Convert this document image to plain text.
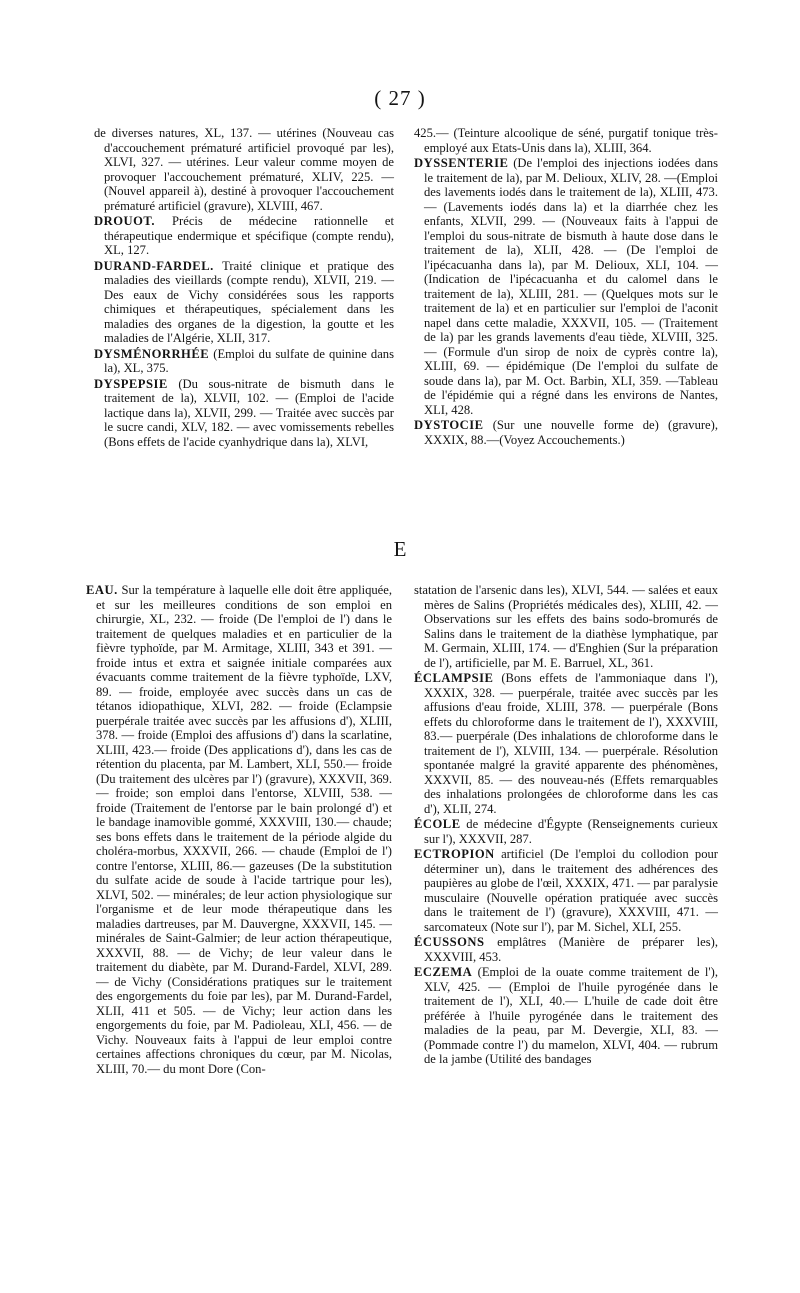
( 27 )

de diverses natures, XL, 137. — utérines (Nouveau cas d'accouchement prématuré artificiel provoqué par les), XLVI, 327. — utérines. Leur valeur comme moyen de provoquer l'accouchement prématuré, XLIV, 225. — (Nouvel appareil à), destiné à provoquer l'accouchement prématuré artificiel (gravure), XLVIII, 467.

DROUOT. Précis de médecine rationnelle et thérapeutique endermique et spécifique (compte rendu), XL, 127.

DURAND-FARDEL. Traité clinique et pratique des maladies des vieillards (compte rendu), XLVII, 219. — Des eaux de Vichy considérées sous les rapports chimiques et thérapeutiques, spécialement dans les maladies des organes de la digestion, la goutte et les maladies de l'Algérie, XLII, 317.

DYSMÉNORRHÉE (Emploi du sulfate de quinine dans la), XL, 375.

DYSPEPSIE (Du sous-nitrate de bismuth dans le traitement de la), XLVII, 102. — (Emploi de l'acide lactique dans la), XLVII, 299. — Traitée avec succès par le sucre candi, XLV, 182. — avec vomissements rebelles (Bons effets de l'acide cyanhydrique dans la), XLVI,

425.— (Teinture alcoolique de séné, purgatif tonique très-employé aux Etats-Unis dans la), XLIII, 364.

DYSSENTERIE (De l'emploi des injections iodées dans le traitement de la), par M. Delioux, XLIV, 28. —(Emploi des lavements iodés dans le traitement de la), XLIII, 473. — (Lavements iodés dans la) et la diarrhée chez les enfants, XLVII, 299. — (Nouveaux faits à l'appui de l'emploi du sous-nitrate de bismuth à haute dose dans le traitement de la), XLII, 428. — (De l'emploi de l'ipécacuanha dans la), par M. Delioux, XLI, 104. — (Indication de l'ipécacuanha et du calomel dans le traitement de la), XLIII, 281. — (Quelques mots sur le traitement de la) et en particulier sur l'emploi de l'aconit napel dans cette maladie, XXXVII, 105. — (Traitement de la) par les grands lavements d'eau tiède, XLVIII, 325. — (Formule d'un sirop de noix de cyprès contre la), XLIII, 69. — épidémique (De l'emploi du sulfate de soude dans la), par M. Oct. Barbin, XLI, 359. —Tableau de l'épidémie qui a régné dans les environs de Nantes, XLI, 428.

DYSTOCIE (Sur une nouvelle forme de) (gravure), XXXIX, 88.—(Voyez Accouchements.)

E

EAU. Sur la température à laquelle elle doit être appliquée, et sur les meilleures conditions de son emploi en chirurgie, XL, 232. — froide (De l'emploi de l') dans le traitement de quelques maladies et en particulier de la fièvre typhoïde, par M. Armitage, XLIII, 343 et 391. — froide intus et extra et saignée initiale comparées aux évacuants comme traitement de la fièvre typhoïde, LXV, 89. — froide, employée avec succès dans un cas de tétanos idiopathique, XLVI, 282. — froide (Eclampsie puerpérale traitée avec succès par les affusions d'), XLIII, 378. — froide (Emploi des affusions d') dans la scarlatine, XLIII, 423.— froide (Des applications d'), dans les cas de rétention du placenta, par M. Lambert, XLI, 550.— froide (Du traitement des ulcères par l') (gravure), XXXVII, 369.— froide; son emploi dans l'entorse, XLVIII, 538. — froide (Traitement de l'entorse par le bain prolongé d') et le bandage inamovible gommé, XXXVIII, 130.— chaude; ses bons effets dans le traitement de la période algide du choléra-morbus, XXXVII, 266. — chaude (Emploi de l') contre l'entorse, XLIII, 86.— gazeuses (De la substitution du sulfate acide de soude à l'acide tartrique pour les), XLVI, 502. — minérales; de leur action physiologique sur l'organisme et de leur mode thérapeutique dans les maladies dartreuses, par M. Dauvergne, XXXVII, 145. — minérales de Saint-Galmier; de leur action thérapeutique, XXXVII, 88. — de Vichy; de leur valeur dans le traitement du diabète, par M. Durand-Fardel, XLVI, 289. — de Vichy (Considérations pratiques sur le traitement des engorgements du foie par les), par M. Durand-Fardel, XLII, 411 et 505. — de Vichy; leur action dans les engorgements du foie, par M. Padioleau, XLI, 456. — de Vichy. Nouveaux faits à l'appui de leur emploi contre certaines affections chroniques du cœur, par M. Nicolas, XLIII, 70.— du mont Dore (Con-

statation de l'arsenic dans les), XLVI, 544. — salées et eaux mères de Salins (Propriétés médicales des), XLIII, 42. — Observations sur les effets des bains sodo-bromurés de Salins dans le traitement de la diathèse lymphatique, par M. Germain, XLIII, 174. — d'Enghien (Sur la préparation de l'), artificielle, par M. E. Barruel, XL, 361.

ÉCLAMPSIE (Bons effets de l'ammoniaque dans l'), XXXIX, 328. — puerpérale, traitée avec succès par les affusions d'eau froide, XLIII, 378. — puerpérale (Bons effets du chloroforme dans le traitement de l'), XXXVIII, 83.— puerpérale (Des inhalations de chloroforme dans le traitement de l'), XLVIII, 134. — puerpérale. Résolution spontanée malgré la gravité apparente des phénomènes, XXXVII, 85. — des nouveau-nés (Effets remarquables des inhalations prolongées de chloroforme dans les cas d'), XLII, 274.

ÉCOLE de médecine d'Égypte (Renseignements curieux sur l'), XXXVII, 287.

ECTROPION artificiel (De l'emploi du collodion pour déterminer un), dans le traitement des adhérences des paupières au globe de l'œil, XXXIX, 471. — par paralysie musculaire (Nouvelle opération pratiquée avec succès dans le traitement de l') (gravure), XXXVIII, 471. — sarcomateux (Note sur l'), par M. Sichel, XLI, 255.

ÉCUSSONS emplâtres (Manière de préparer les), XXXVIII, 453.

ECZEMA (Emploi de la ouate comme traitement de l'), XLV, 425. — (Emploi de l'huile pyrogénée dans le traitement de l'), XLI, 40.— L'huile de cade doit être préférée à l'huile pyrogénée dans le traitement des maladies de la peau, par M. Devergie, XLI, 83. — (Pommade contre l') du mamelon, XLVI, 404. — rubrum de la jambe (Utilité des bandages
